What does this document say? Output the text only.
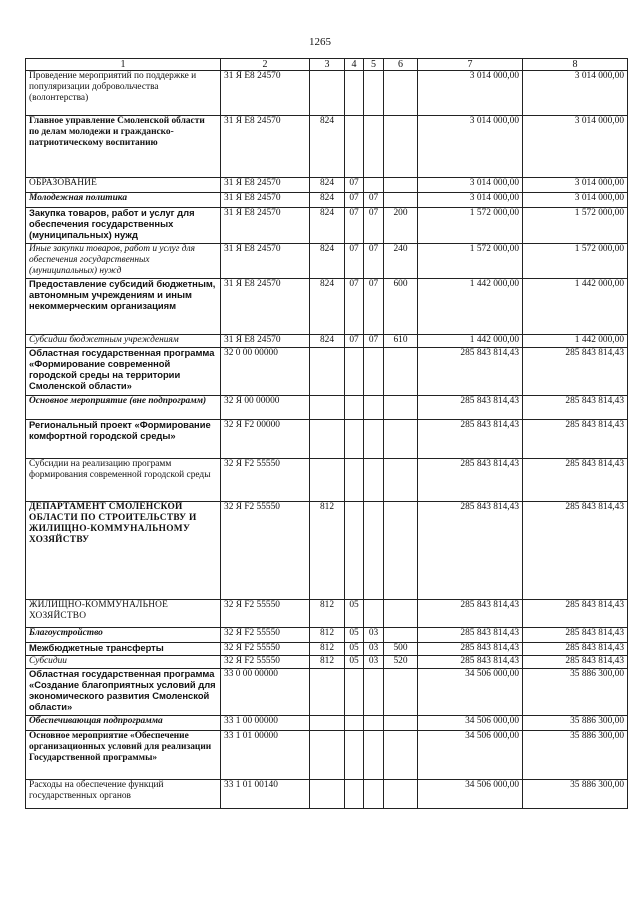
1265
1	2	3	4	5	6	7	8
Проведение мероприятий по поддержке и популяризации добровольчества (волонтерства)	31 Я Е8 24570					3 014 000,00	3 014 000,00
Главное управление Смоленской области по делам молодежи и гражданско-патриотическому воспитанию	31 Я Е8 24570	824				3 014 000,00	3 014 000,00
ОБРАЗОВАНИЕ	31 Я Е8 24570	824	07			3 014 000,00	3 014 000,00
Молодежная политика	31 Я Е8 24570	824	07	07		3 014 000,00	3 014 000,00
Закупка товаров, работ и услуг для обеспечения государственных (муниципальных) нужд	31 Я Е8 24570	824	07	07	200	1 572 000,00	1 572 000,00
Иные закупки товаров, работ и услуг для обеспечения государственных (муниципальных) нужд	31 Я Е8 24570	824	07	07	240	1 572 000,00	1 572 000,00
Предоставление субсидий бюджетным, автономным учреждениям и иным некоммерческим организациям	31 Я Е8 24570	824	07	07	600	1 442 000,00	1 442 000,00
Субсидии бюджетным учреждениям	31 Я Е8 24570	824	07	07	610	1 442 000,00	1 442 000,00
Областная государственная программа «Формирование современной городской среды на территории Смоленской области»	32 0 00 00000					285 843 814,43	285 843 814,43
Основное мероприятие (вне подпрограмм)	32 Я 00 00000					285 843 814,43	285 843 814,43
Региональный проект «Формирование комфортной городской среды»	32 Я F2 00000					285 843 814,43	285 843 814,43
Субсидии на реализацию программ формирования современной городской среды	32 Я F2 55550					285 843 814,43	285 843 814,43
ДЕПАРТАМЕНТ СМОЛЕНСКОЙ ОБЛАСТИ ПО СТРОИТЕЛЬСТВУ И ЖИЛИЩНО-КОММУНАЛЬНОМУ ХОЗЯЙСТВУ	32 Я F2 55550	812				285 843 814,43	285 843 814,43
ЖИЛИЩНО-КОММУНАЛЬНОЕ ХОЗЯЙСТВО	32 Я F2 55550	812	05			285 843 814,43	285 843 814,43
Благоустройство	32 Я F2 55550	812	05	03		285 843 814,43	285 843 814,43
Межбюджетные трансферты	32 Я F2 55550	812	05	03	500	285 843 814,43	285 843 814,43
Субсидии	32 Я F2 55550	812	05	03	520	285 843 814,43	285 843 814,43
Областная государственная программа «Создание благоприятных условий для экономического развития Смоленской области»	33 0 00 00000					34 506 000,00	35 886 300,00
Обеспечивающая подпрограмма	33 1 00 00000					34 506 000,00	35 886 300,00
Основное мероприятие «Обеспечение организационных условий для реализации Государственной программы»	33 1 01 00000					34 506 000,00	35 886 300,00
Расходы на обеспечение функций государственных органов	33 1 01 00140					34 506 000,00	35 886 300,00
